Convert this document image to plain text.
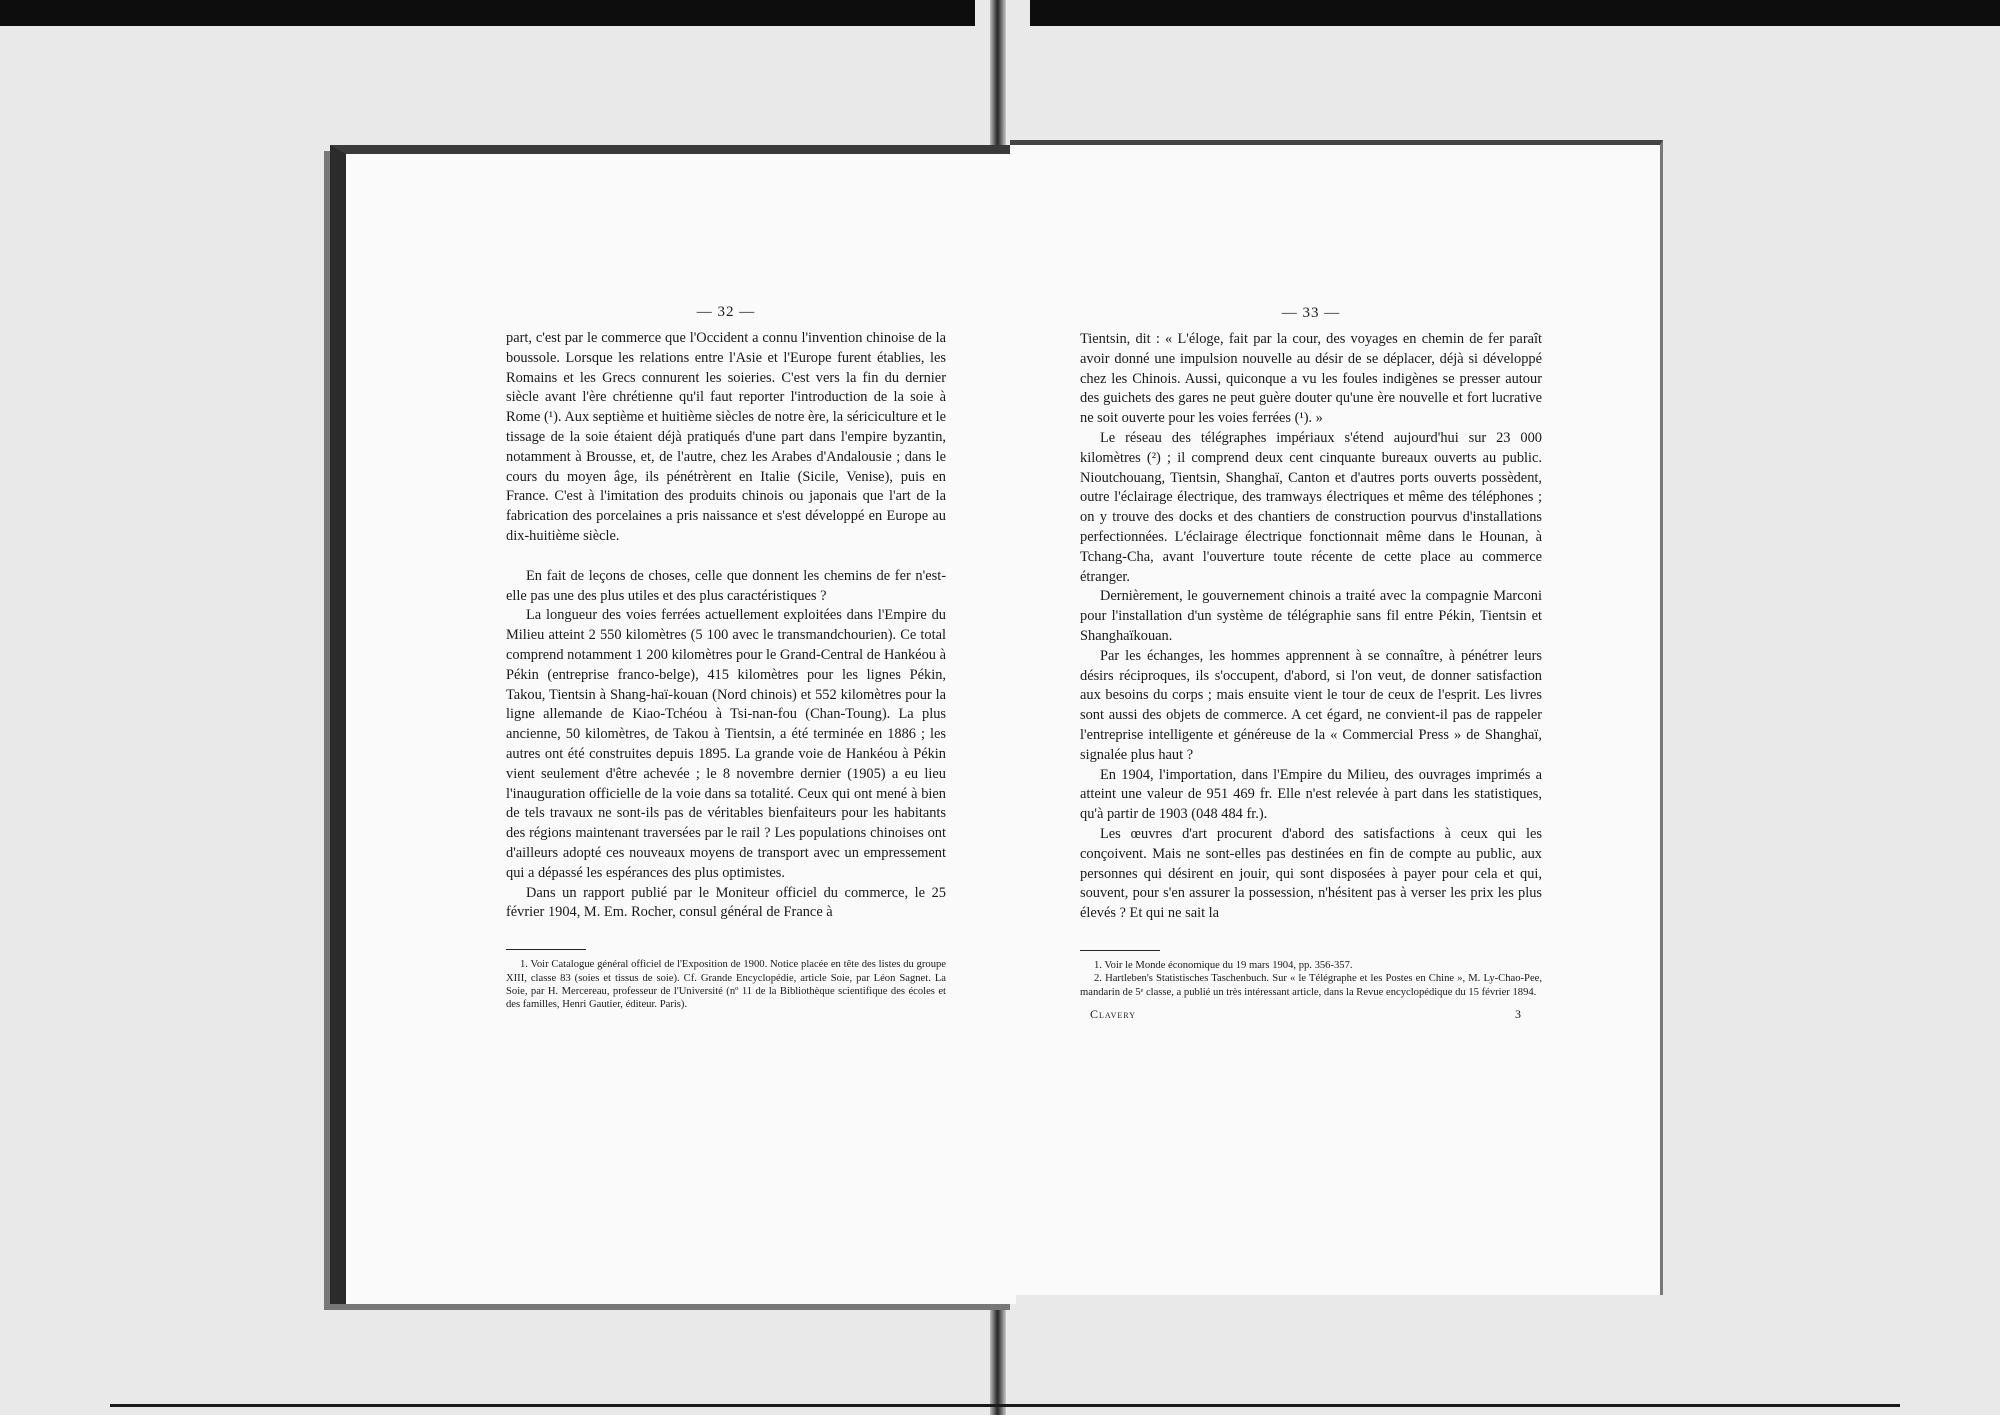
— 32 —

part, c'est par le commerce que l'Occident a connu l'invention chinoise de la boussole. Lorsque les relations entre l'Asie et l'Europe furent établies, les Romains et les Grecs connurent les soieries. C'est vers la fin du dernier siècle avant l'ère chrétienne qu'il faut reporter l'introduction de la soie à Rome (¹). Aux septième et huitième siècles de notre ère, la sériciculture et le tissage de la soie étaient déjà pratiqués d'une part dans l'empire byzantin, notamment à Brousse, et, de l'autre, chez les Arabes d'Andalousie ; dans le cours du moyen âge, ils pénétrèrent en Italie (Sicile, Venise), puis en France. C'est à l'imitation des produits chinois ou japonais que l'art de la fabrication des porcelaines a pris naissance et s'est développé en Europe au dix-huitième siècle.

En fait de leçons de choses, celle que donnent les chemins de fer n'est-elle pas une des plus utiles et des plus caractéristiques ?

La longueur des voies ferrées actuellement exploitées dans l'Empire du Milieu atteint 2 550 kilomètres (5 100 avec le transmandchourien). Ce total comprend notamment 1 200 kilomètres pour le Grand-Central de Hankéou à Pékin (entreprise franco-belge), 415 kilomètres pour les lignes Pékin, Takou, Tientsin à Shang-haï-kouan (Nord chinois) et 552 kilomètres pour la ligne allemande de Kiao-Tchéou à Tsi-nan-fou (Chan-Toung). La plus ancienne, 50 kilomètres, de Takou à Tientsin, a été terminée en 1886 ; les autres ont été construites depuis 1895. La grande voie de Hankéou à Pékin vient seulement d'être achevée ; le 8 novembre dernier (1905) a eu lieu l'inauguration officielle de la voie dans sa totalité. Ceux qui ont mené à bien de tels travaux ne sont-ils pas de véritables bienfaiteurs pour les habitants des régions maintenant traversées par le rail ? Les populations chinoises ont d'ailleurs adopté ces nouveaux moyens de transport avec un empressement qui a dépassé les espérances des plus optimistes.

Dans un rapport publié par le Moniteur officiel du commerce, le 25 février 1904, M. Em. Rocher, consul général de France à

1. Voir Catalogue général officiel de l'Exposition de 1900. Notice placée en tête des listes du groupe XIII, classe 83 (soies et tissus de soie). Cf. Grande Encyclopédie, article Soie, par Léon Sagnet. La Soie, par H. Mercereau, professeur de l'Université (nº 11 de la Bibliothèque scientifique des écoles et des familles, Henri Gautier, éditeur. Paris).

— 33 —

Tientsin, dit : « L'éloge, fait par la cour, des voyages en chemin de fer paraît avoir donné une impulsion nouvelle au désir de se déplacer, déjà si développé chez les Chinois. Aussi, quiconque a vu les foules indigènes se presser autour des guichets des gares ne peut guère douter qu'une ère nouvelle et fort lucrative ne soit ouverte pour les voies ferrées (¹). »

Le réseau des télégraphes impériaux s'étend aujourd'hui sur 23 000 kilomètres (²) ; il comprend deux cent cinquante bureaux ouverts au public. Nioutchouang, Tientsin, Shanghaï, Canton et d'autres ports ouverts possèdent, outre l'éclairage électrique, des tramways électriques et même des téléphones ; on y trouve des docks et des chantiers de construction pourvus d'installations perfectionnées. L'éclairage électrique fonctionnait même dans le Hounan, à Tchang-Cha, avant l'ouverture toute récente de cette place au commerce étranger.

Dernièrement, le gouvernement chinois a traité avec la compagnie Marconi pour l'installation d'un système de télégraphie sans fil entre Pékin, Tientsin et Shanghaïkouan.

Par les échanges, les hommes apprennent à se connaître, à pénétrer leurs désirs réciproques, ils s'occupent, d'abord, si l'on veut, de donner satisfaction aux besoins du corps ; mais ensuite vient le tour de ceux de l'esprit. Les livres sont aussi des objets de commerce. A cet égard, ne convient-il pas de rappeler l'entreprise intelligente et généreuse de la « Commercial Press » de Shanghaï, signalée plus haut ?

En 1904, l'importation, dans l'Empire du Milieu, des ouvrages imprimés a atteint une valeur de 951 469 fr. Elle n'est relevée à part dans les statistiques, qu'à partir de 1903 (048 484 fr.).

Les œuvres d'art procurent d'abord des satisfactions à ceux qui les conçoivent. Mais ne sont-elles pas destinées en fin de compte au public, aux personnes qui désirent en jouir, qui sont disposées à payer pour cela et qui, souvent, pour s'en assurer la possession, n'hésitent pas à verser les prix les plus élevés ? Et qui ne sait la

1. Voir le Monde économique du 19 mars 1904, pp. 356-357.

2. Hartleben's Statistisches Taschenbuch. Sur « le Télégraphe et les Postes en Chine », M. Ly-Chao-Pee, mandarin de 5ᵉ classe, a publié un très intéressant article, dans la Revue encyclopédique du 15 février 1894.

Clavery	3
